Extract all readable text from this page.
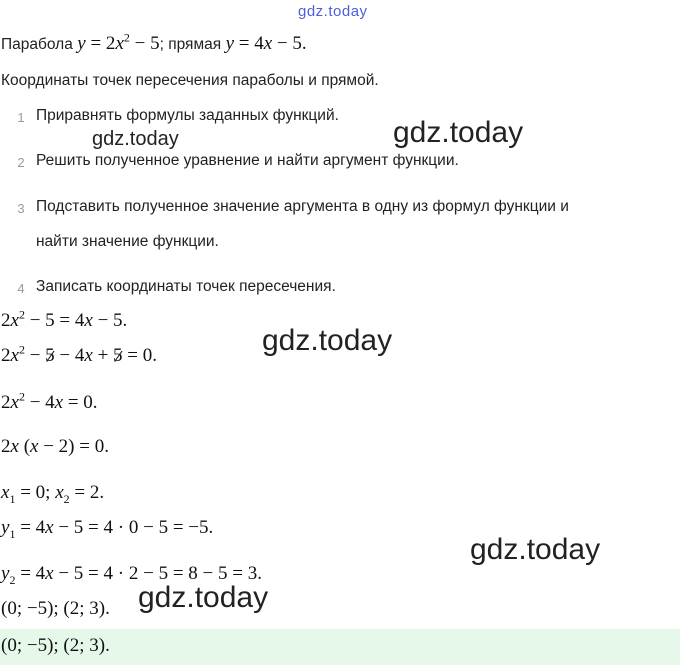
gdz.today
Парабола $y = 2x^2 - 5$; прямая y = 4x − 5.
Координаты точек пересечения параболы и прямой.
1 Приравнять формулы заданных функций.
2 Решить полученное уравнение и найти аргумент функции.
3 Подставить полученное значение аргумента в одну из формул функции и
найти значение функции.
4 Записать координаты точек пересечения.
$2x^2 - 5 = 4x - 5$.
$2x^2 - 5 - 4x + 5 = 0$.
$2x^2 - 4x = 0$.
2x (x − 2) = 0.
$x_1 = 0$; $x_2 = 2$.
$y_1 = 4x - 5 = 4 \cdot 0 - 5 = -5$.
$y_2 = 4x - 5 = 4 \cdot 2 - 5 = 8 - 5 = 3$.
(0; −5); (2; 3).
(0; −5); (2; 3).
gdz.today	gdz.today
gdz.today
gdz.today
gdz.today
